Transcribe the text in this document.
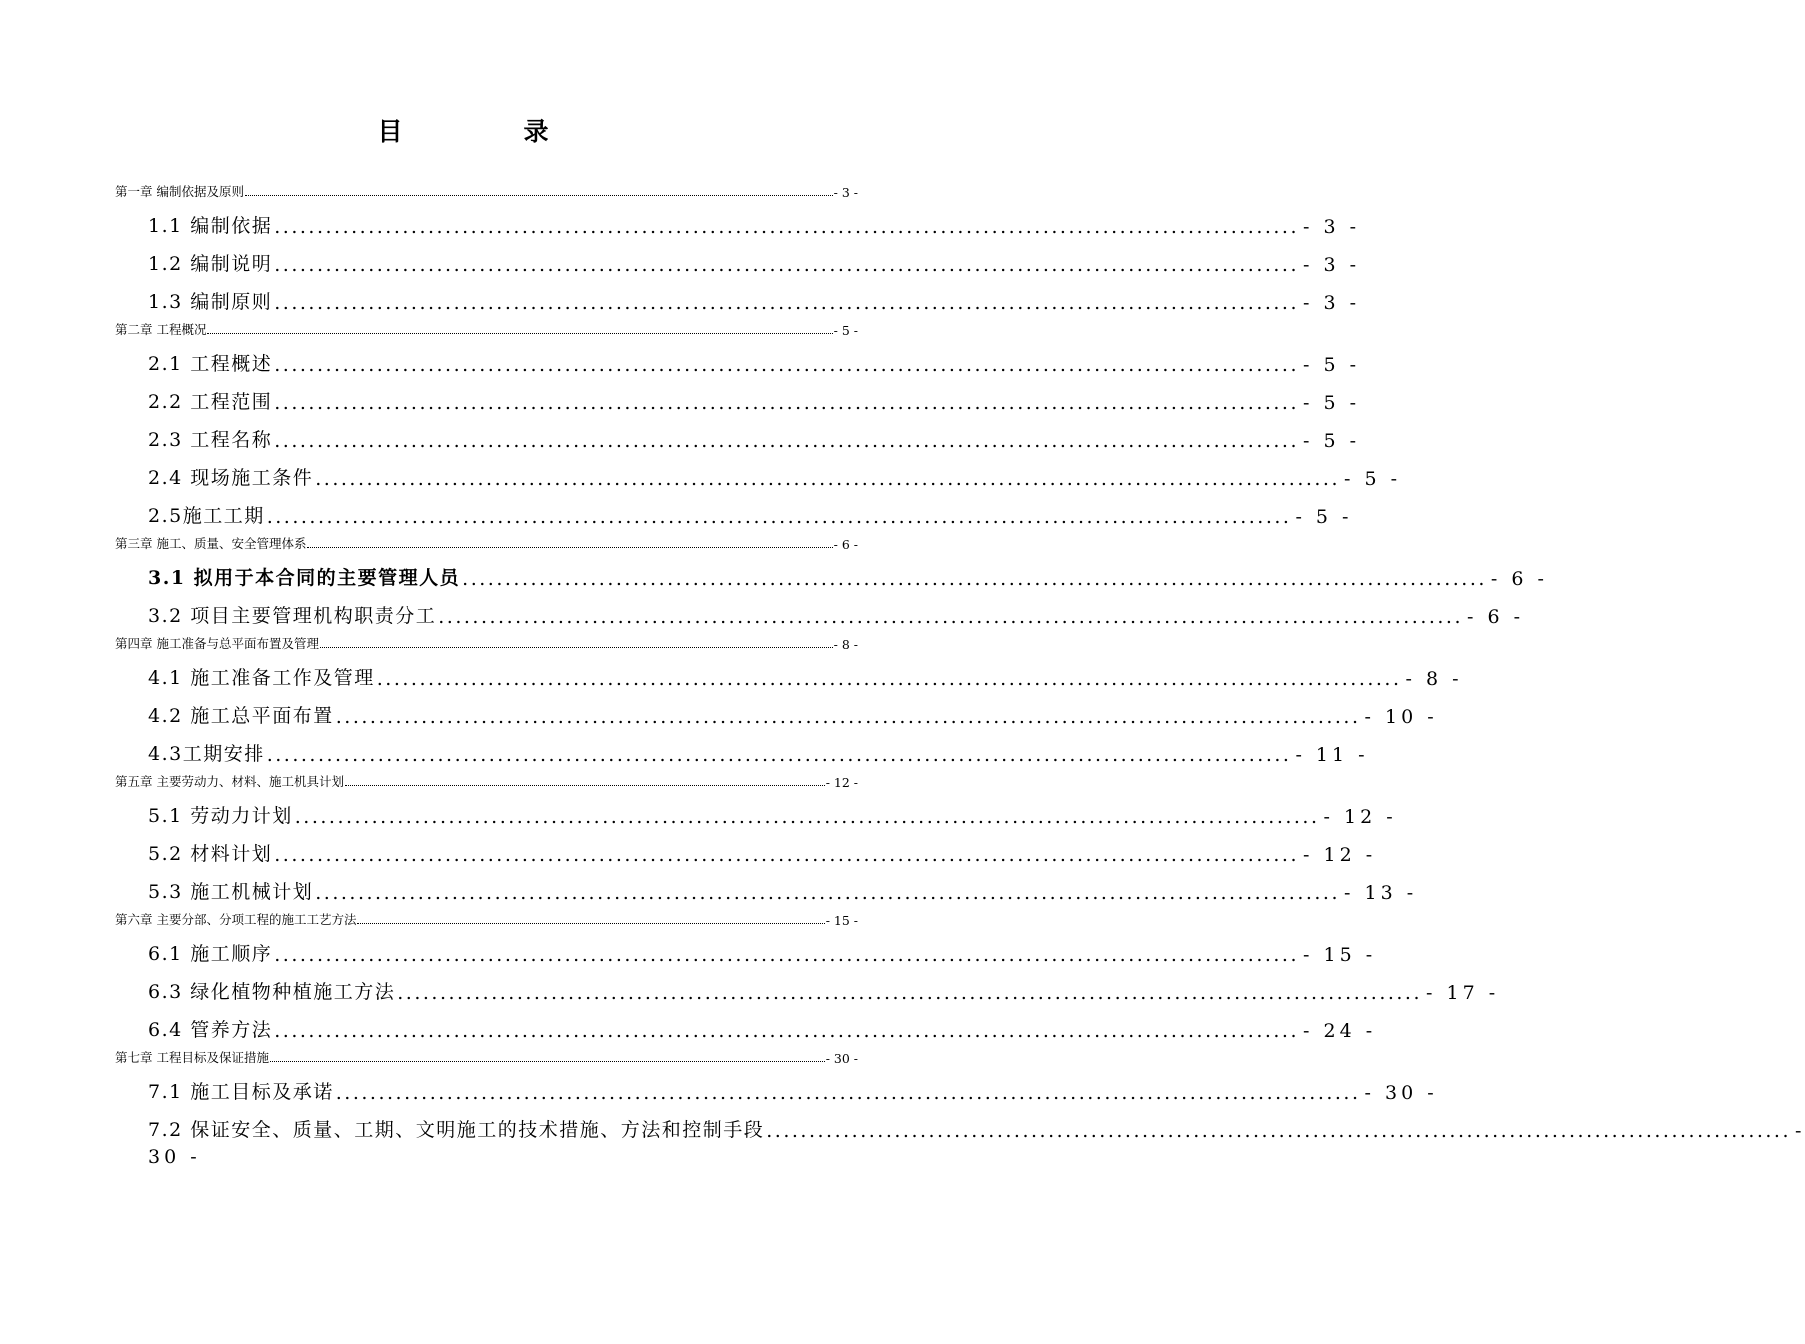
目　录
第一章 编制依据及原则	- 3 -
1.1 编制依据 ........................................................................................................................ - 3 -
1.2 编制说明 ........................................................................................................................ - 3 -
1.3 编制原则 ........................................................................................................................ - 3 -
第二章 工程概况	- 5 -
2.1 工程概述 ........................................................................................................................ - 5 -
2.2 工程范围 ........................................................................................................................ - 5 -
2.3 工程名称 ........................................................................................................................ - 5 -
2.4 现场施工条件 ........................................................................................................................ - 5 -
2.5施工工期 ........................................................................................................................ - 5 -
第三章 施工、质量、安全管理体系	- 6 -
3.1 拟用于本合同的主要管理人员 ........................................................................................................................ - 6 -
3.2 项目主要管理机构职责分工 ........................................................................................................................ - 6 -
第四章 施工准备与总平面布置及管理	- 8 -
4.1 施工准备工作及管理 ........................................................................................................................ - 8 -
4.2 施工总平面布置 ........................................................................................................................ - 10 -
4.3工期安排 ........................................................................................................................ - 11 -
第五章 主要劳动力、材料、施工机具计划	- 12 -
5.1 劳动力计划 ........................................................................................................................ - 12 -
5.2 材料计划 ........................................................................................................................ - 12 -
5.3 施工机械计划 ........................................................................................................................ - 13 -
第六章 主要分部、分项工程的施工工艺方法	- 15 -
6.1 施工顺序 ........................................................................................................................ - 15 -
6.3 绿化植物种植施工方法 ........................................................................................................................ - 17 -
6.4 管养方法 ........................................................................................................................ - 24 -
第七章 工程目标及保证措施	- 30 -
7.1 施工目标及承诺 ........................................................................................................................ - 30 -
7.2 保证安全、质量、工期、文明施工的技术措施、方法和控制手段 ........................................................................................................................ -
30 -
